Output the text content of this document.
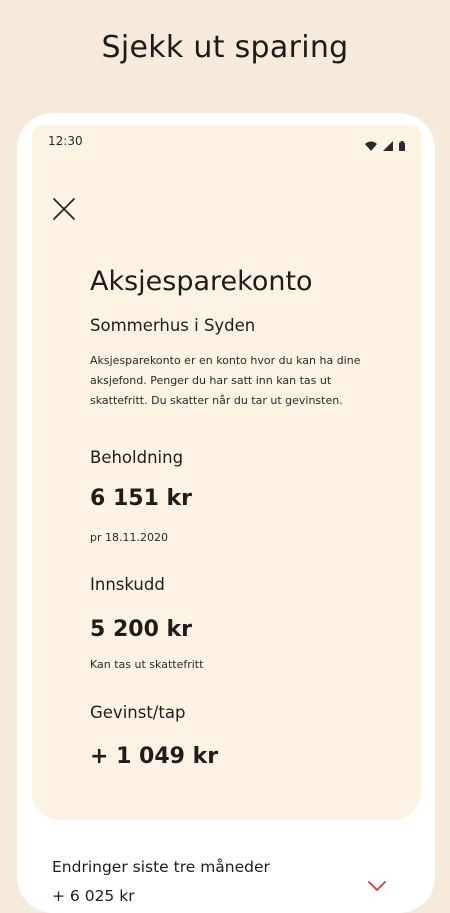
Sjekk ut sparing
12:30
Aksjesparekonto
Sommerhus i Syden
Aksjesparekonto er en konto hvor du kan ha dine aksjefond. Penger du har satt inn kan tas ut skattefritt. Du skatter når du tar ut gevinsten.
Beholdning
6 151 kr
pr 18.11.2020
Innskudd
5 200 kr
Kan tas ut skattefritt
Gevinst/tap
+ 1 049 kr
Endringer siste tre måneder
+ 6 025 kr
